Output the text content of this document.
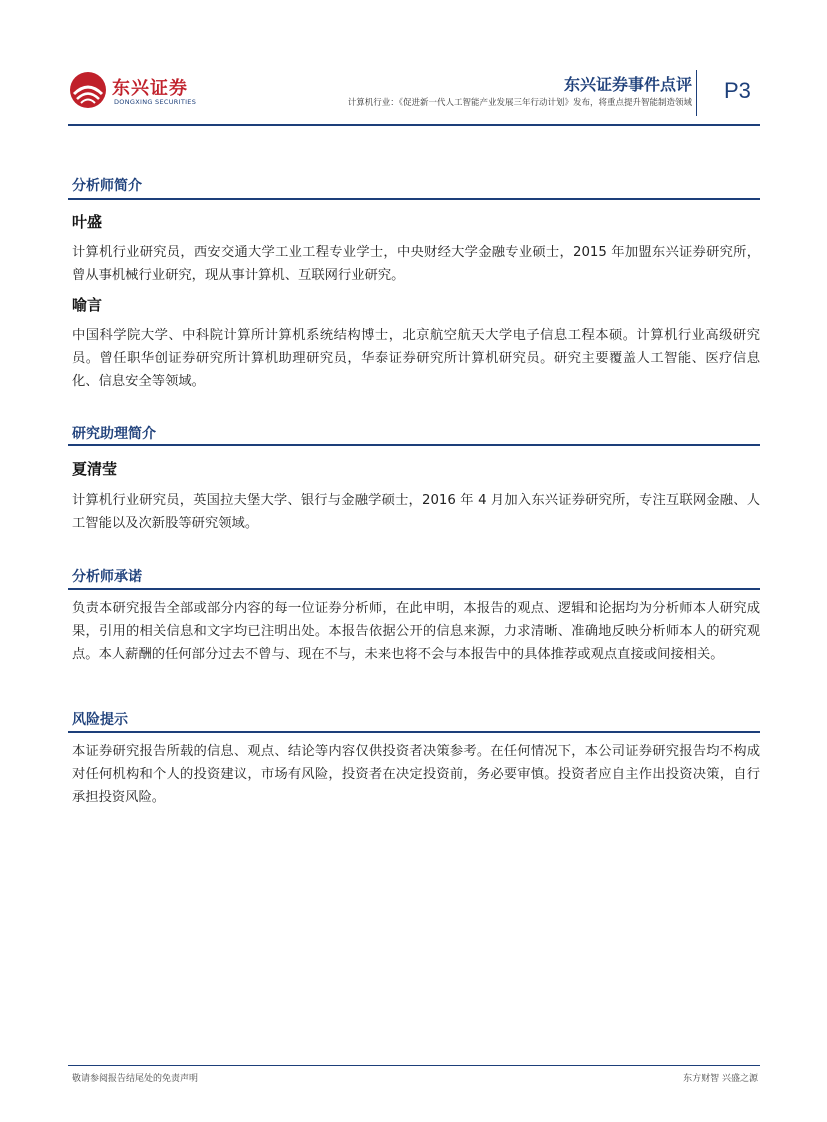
东兴证券
DONGXING SECURITIES
东兴证券事件点评
计算机行业：《促进新一代人工智能产业发展三年行动计划》发布，将重点提升智能制造领域 P3
分析师简介
叶盛

计算机行业研究员，西安交通大学工业工程专业学士，中央财经大学金融专业硕士，2015 年加盟东兴证券研究所，曾从事机械行业研究，现从事计算机、互联网行业研究。

喻言

中国科学院大学、中科院计算所计算机系统结构博士，北京航空航天大学电子信息工程本硕。计算机行业高级研究员。曾任职华创证券研究所计算机助理研究员，华泰证券研究所计算机研究员。研究主要覆盖人工智能、医疗信息化、信息安全等领域。

研究助理简介
夏清莹

计算机行业研究员，英国拉夫堡大学、银行与金融学硕士，2016 年 4 月加入东兴证券研究所，专注互联网金融、人工智能以及次新股等研究领域。

分析师承诺

负责本研究报告全部或部分内容的每一位证券分析师，在此申明，本报告的观点、逻辑和论据均为分析师本人研究成果，引用的相关信息和文字均已注明出处。本报告依据公开的信息来源，力求清晰、准确地反映分析师本人的研究观点。本人薪酬的任何部分过去不曾与、现在不与，未来也将不会与本报告中的具体推荐或观点直接或间接相关。

风险提示

本证券研究报告所载的信息、观点、结论等内容仅供投资者决策参考。在任何情况下，本公司证券研究报告均不构成对任何机构和个人的投资建议，市场有风险，投资者在决定投资前，务必要审慎。投资者应自主作出投资决策，自行承担投资风险。

敬请参阅报告结尾处的免责声明	东方财智 兴盛之源
